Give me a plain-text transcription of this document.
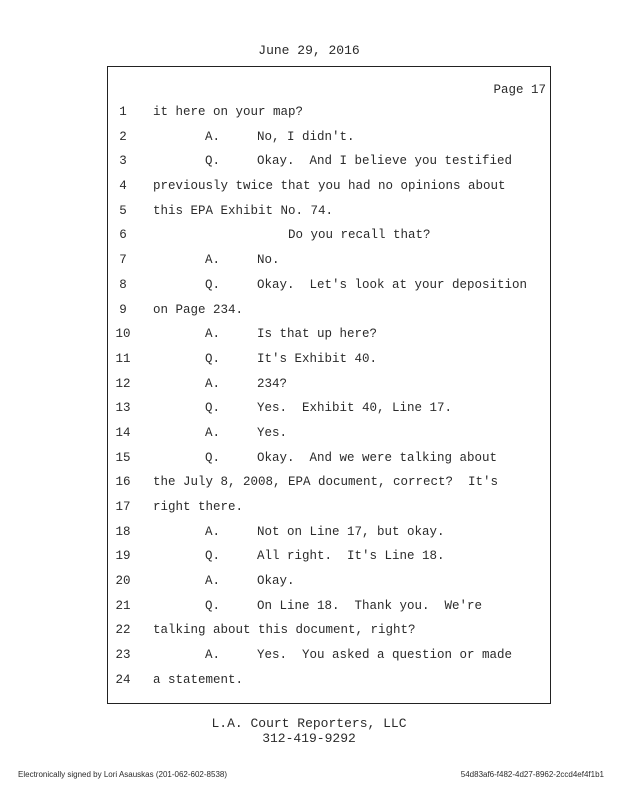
June 29, 2016
Page 17
1	it here on your map?
2	A.	No, I didn't.
3	Q.	Okay.  And I believe you testified
4	previously twice that you had no opinions about
5	this EPA Exhibit No. 74.
6	Do you recall that?
7	A.	No.
8	Q.	Okay.  Let's look at your deposition
9	on Page 234.
10	A.	Is that up here?
11	Q.	It's Exhibit 40.
12	A.	234?
13	Q.	Yes.  Exhibit 40, Line 17.
14	A.	Yes.
15	Q.	Okay.  And we were talking about
16	the July 8, 2008, EPA document, correct?  It's
17	right there.
18	A.	Not on Line 17, but okay.
19	Q.	All right.  It's Line 18.
20	A.	Okay.
21	Q.	On Line 18.  Thank you.  We're
22	talking about this document, right?
23	A.	Yes.  You asked a question or made
24	a statement.
L.A. Court Reporters, LLC
312-419-9292
Electronically signed by Lori Asauskas (201-062-602-8538)	54d83af6-f482-4d27-8962-2ccd4ef4f1b1
